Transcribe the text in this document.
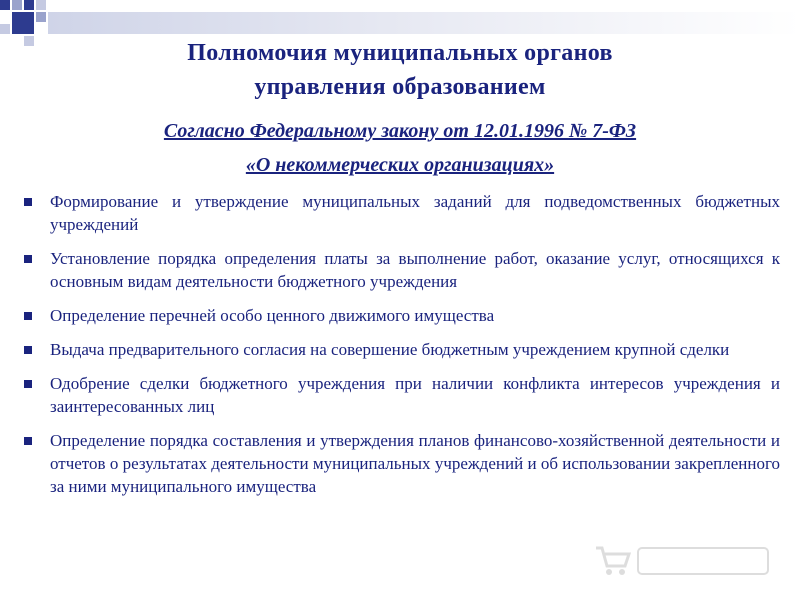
Полномочия муниципальных органов
управления образованием

Согласно Федеральному закону от 12.01.1996 № 7-ФЗ

«О некоммерческих организациях»

Формирование и утверждение муниципальных заданий для подведомственных бюджетных учреждений
Установление порядка определения платы за выполнение работ, оказание услуг, относящихся к основным видам деятельности бюджетного учреждения
Определение перечней особо ценного движимого имущества
Выдача предварительного согласия на совершение бюджетным учреждением крупной сделки
Одобрение сделки бюджетного учреждения при наличии конфликта интересов учреждения и заинтересованных лиц
Определение порядка составления и утверждения планов финансово-хозяйственной деятельности и отчетов о результатах деятельности муниципальных учреждений и об использовании закрепленного за ними муниципального имущества
